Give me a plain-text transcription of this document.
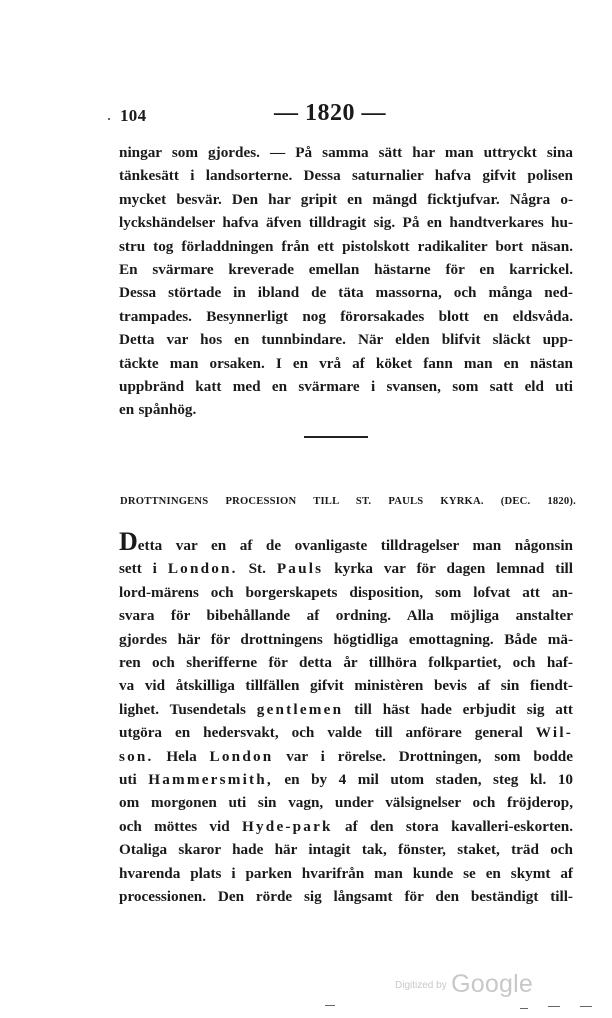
104	— 1820 —
ningar som gjordes. — På samma sätt har man uttryckt sina
tänkesätt i landsorterne. Dessa saturnalier hafva gifvit polisen
mycket besvär. Den har gripit en mängd ficktjufvar. Några o-
lyckshändelser hafva äfven tilldragit sig. På en handtverkares hu-
stru tog förladdningen från ett pistolskott radikaliter bort näsan.
En svärmare kreverade emellan hästarne för en karrickel.
Dessa störtade in ibland de täta massorna, och många ned-
trampades. Besynnerligt nog förorsakades blott en eldsvåda.
Detta var hos en tunnbindare. När elden blifvit släckt upp-
täckte man orsaken. I en vrå af köket fann man en nästan
uppbränd katt med en svärmare i svansen, som satt eld uti
en spånhög.
DROTTNINGENS PROCESSION TILL ST. PAULS KYRKA. (DEC. 1820).
Detta var en af de ovanligaste tilldragelser man någonsin
sett i London. St. Pauls kyrka var för dagen lemnad till
lord-märens och borgerskapets disposition, som lofvat att an-
svara för bibehållande af ordning. Alla möjliga anstalter
gjordes här för drottningens högtidliga emottagning. Både mä-
ren och sherifferne för detta år tillhöra folkpartiet, och haf-
va vid åtskilliga tillfällen gifvit ministèren bevis af sin fiendt-
lighet. Tusendetals gentlemen till häst hade erbjudit sig att
utgöra en hedersvakt, och valde till anförare general Wil-
son. Hela London var i rörelse. Drottningen, som bodde
uti Hammersmith, en by 4 mil utom staden, steg kl. 10
om morgonen uti sin vagn, under välsignelser och fröjderop,
och möttes vid Hyde-park af den stora kavalleri-eskorten.
Otaliga skaror hade här intagit tak, fönster, staket, träd och
hvarenda plats i parken hvarifrån man kunde se en skymt af
processionen. Den rörde sig långsamt för den beständigt till-
$^{Digitized by}$ Google
